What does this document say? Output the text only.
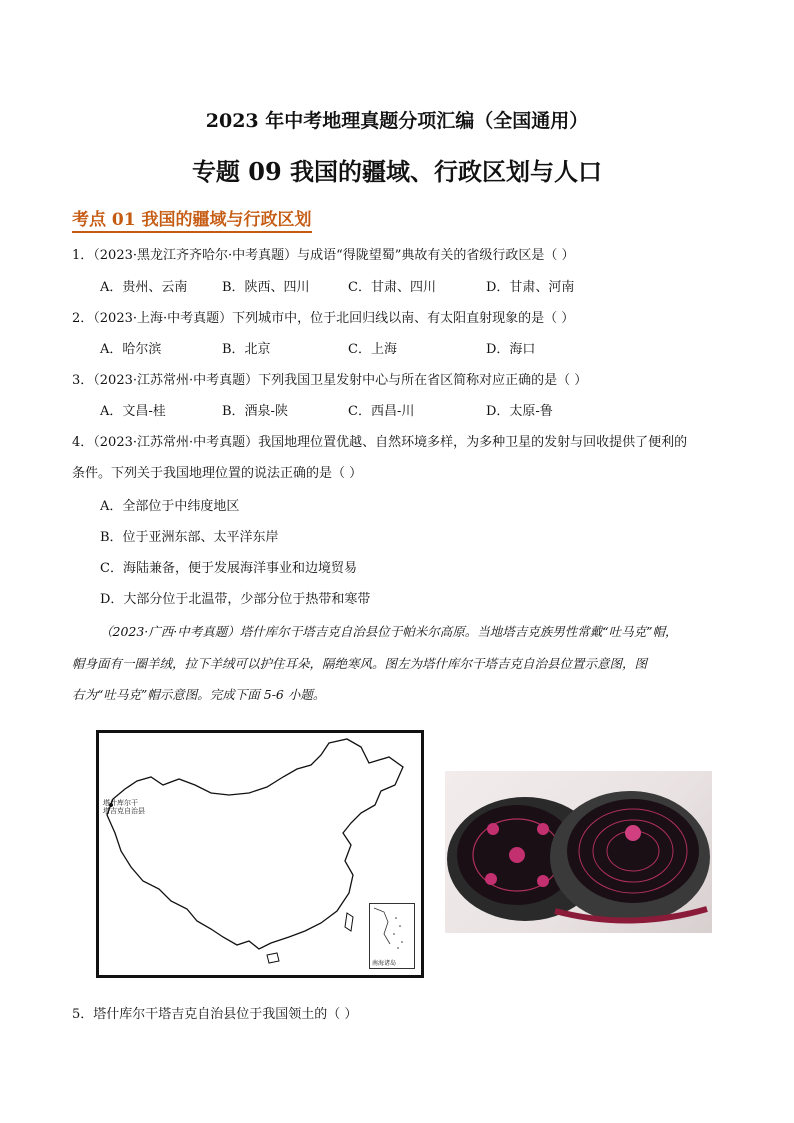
2023 年中考地理真题分项汇编（全国通用）
专题 09 我国的疆域、行政区划与人口
考点 01 我国的疆域与行政区划
1．（2023·黑龙江齐齐哈尔·中考真题）与成语“得陇望蜀”典故有关的省级行政区是（ ）
A．贵州、云南	B．陕西、四川	C．甘肃、四川	D．甘肃、河南
2．（2023·上海·中考真题）下列城市中，位于北回归线以南、有太阳直射现象的是（ ）
A．哈尔滨	B．北京	C．上海	D．海口
3．（2023·江苏常州·中考真题）下列我国卫星发射中心与所在省区简称对应正确的是（ ）
A．文昌-桂	B．酒泉-陕	C．西昌-川	D．太原-鲁
4．（2023·江苏常州·中考真题）我国地理位置优越、自然环境多样，为多种卫星的发射与回收提供了便利的
条件。下列关于我国地理位置的说法正确的是（ ）
A．全部位于中纬度地区
B．位于亚洲东部、太平洋东岸
C．海陆兼备，便于发展海洋事业和边境贸易
D．大部分位于北温带，少部分位于热带和寒带
（2023·广西·中考真题）塔什库尔干塔吉克自治县位于帕米尔高原。当地塔吉克族男性常戴“吐马克”帽，
帽身面有一圈羊绒，拉下羊绒可以护住耳朵，隔绝寒风。图左为塔什库尔干塔吉克自治县位置示意图，图
右为“吐马克”帽示意图。完成下面 5-6 小题。
塔什库尔干
塔吉克自治县
南海诸岛
5．塔什库尔干塔吉克自治县位于我国领土的（ ）
